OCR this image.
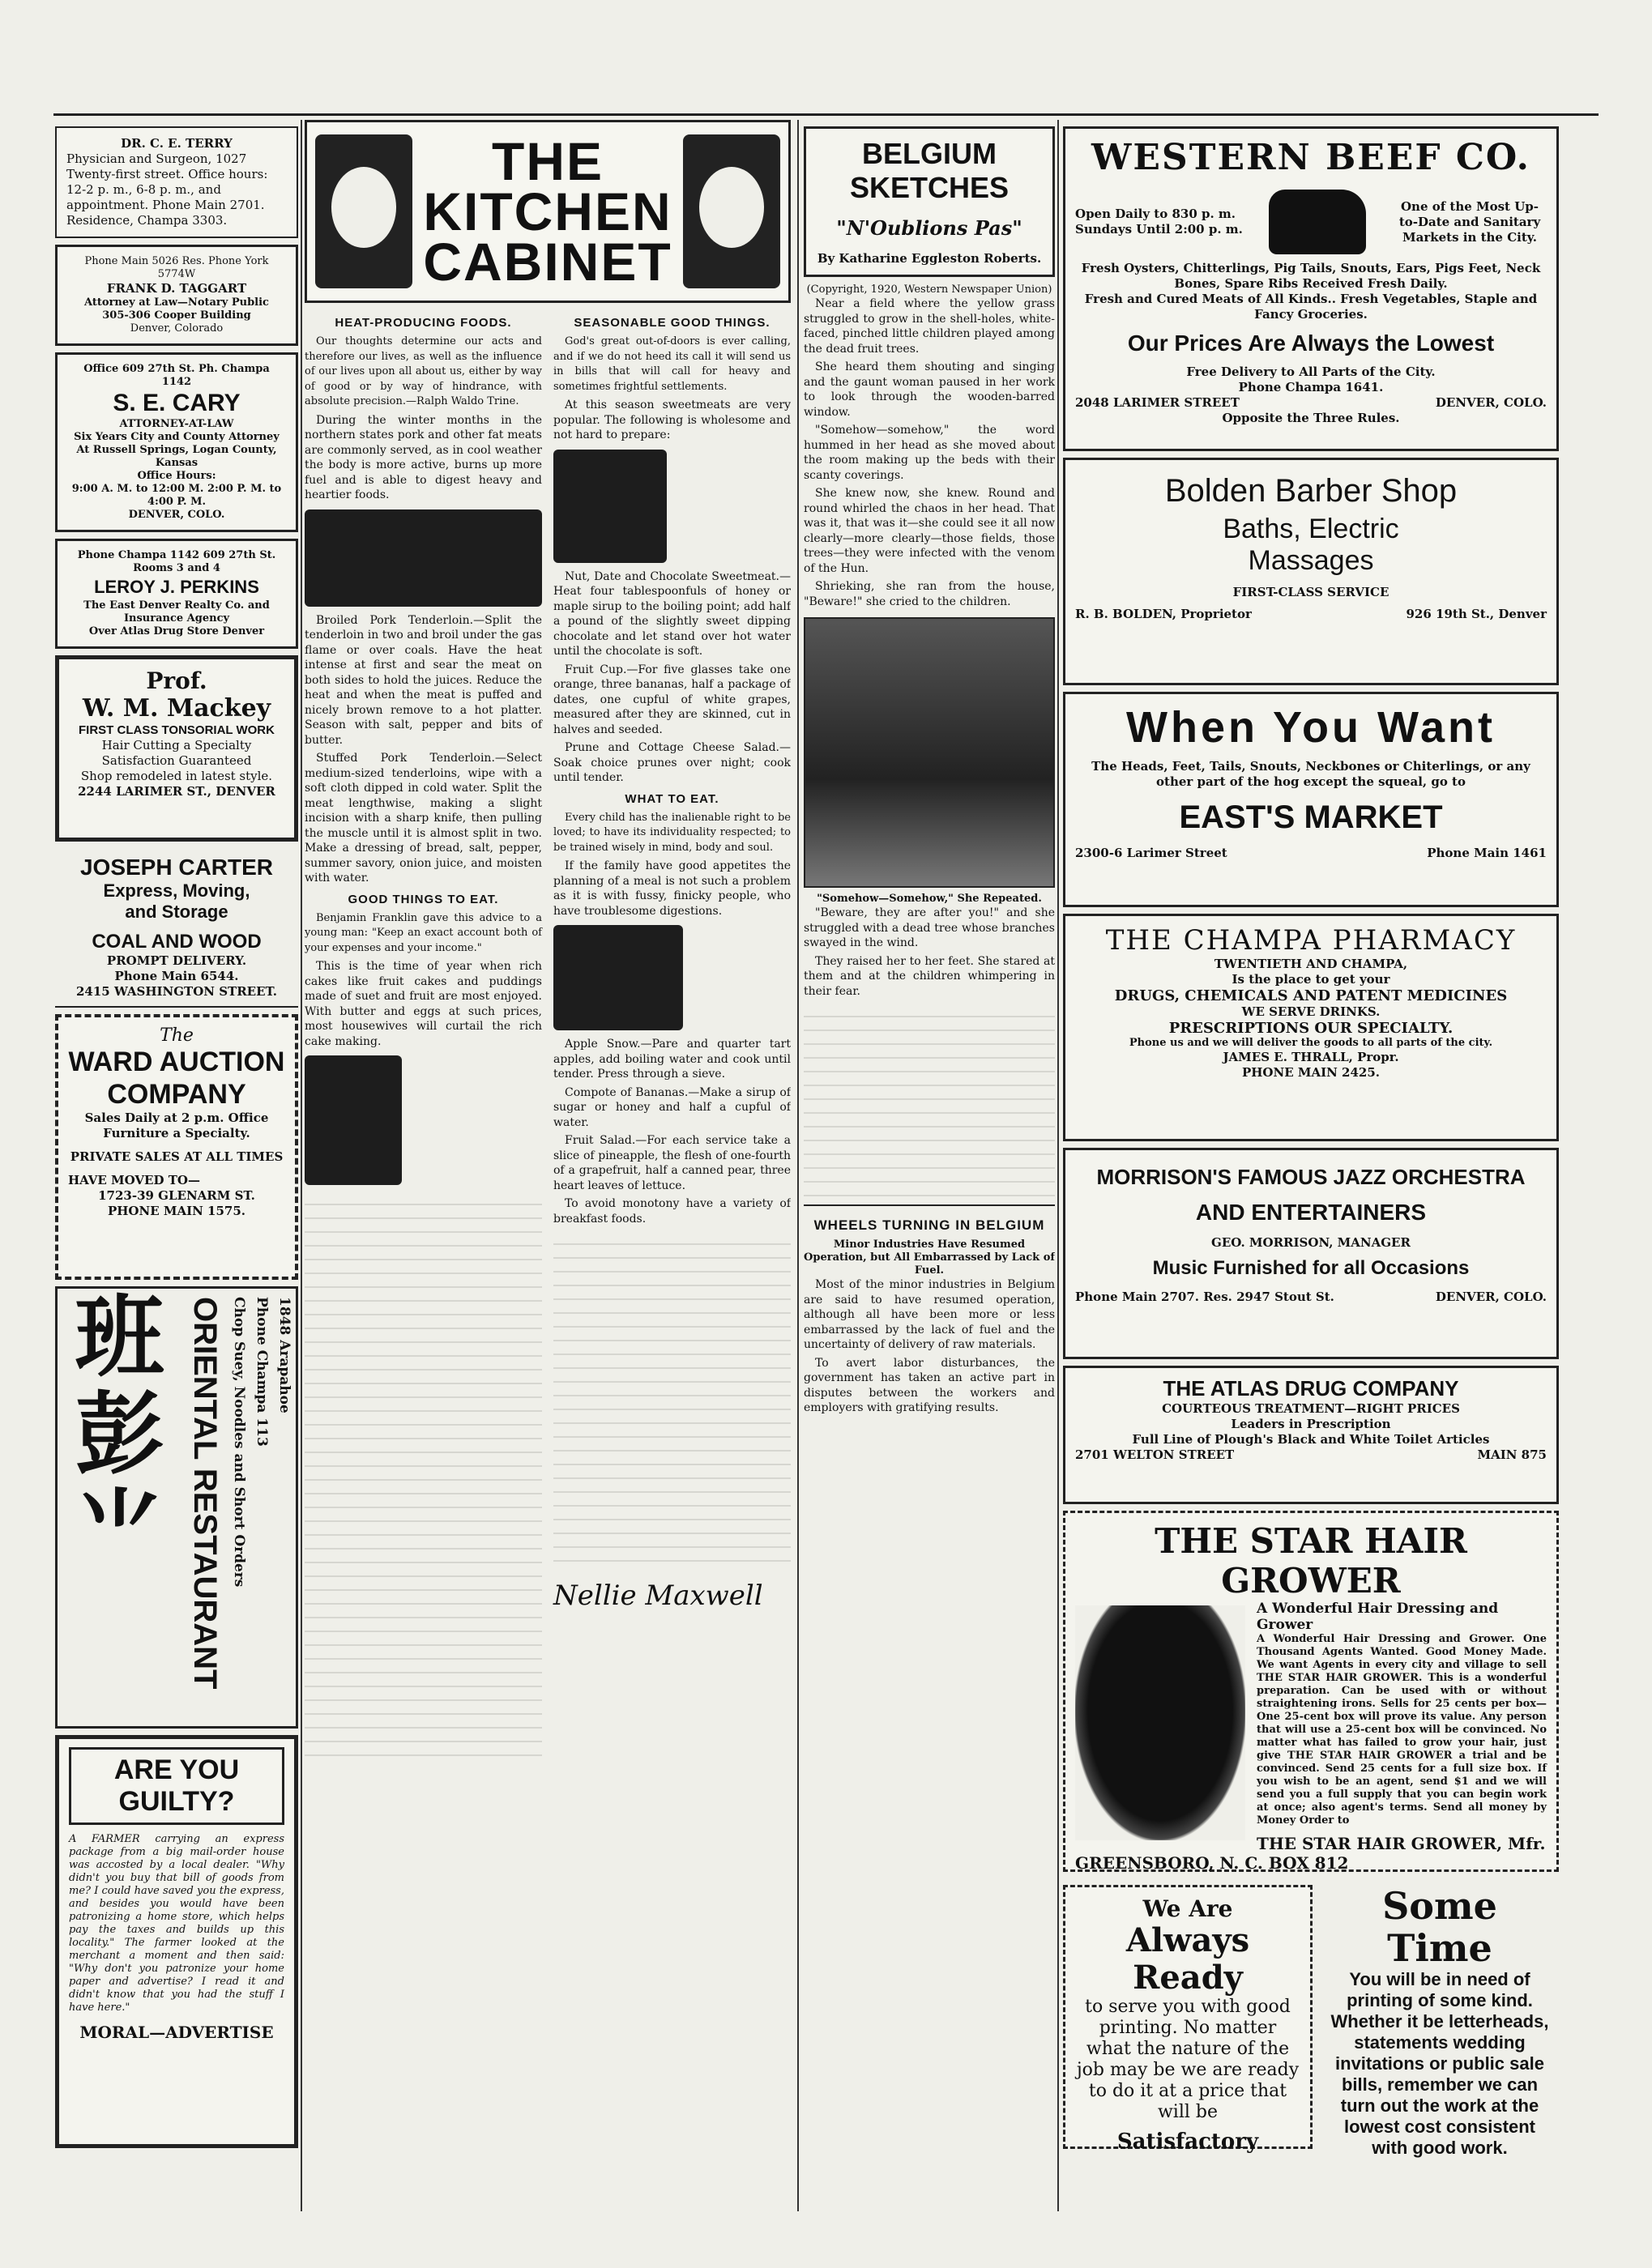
DR. C. E. TERRY
Physician and Surgeon, 1027 Twenty-first street. Office hours: 12-2 p. m., 6-8 p. m., and appointment. Phone Main 2701. Residence, Champa 3303.
Phone Main 5026 Res. Phone York 5774W
FRANK D. TAGGART
Attorney at Law—Notary Public
305-306 Cooper Building
Denver, Colorado
Office 609 27th St. Ph. Champa 1142
S. E. CARY
ATTORNEY-AT-LAW
Six Years City and County Attorney At Russell Springs, Logan County, Kansas
Office Hours:
9:00 A. M. to 12:00 M. 2:00 P. M. to 4:00 P. M.
DENVER, COLO.
Phone Champa 1142 609 27th St. Rooms 3 and 4
LEROY J. PERKINS
The East Denver Realty Co. and Insurance Agency
Over Atlas Drug Store Denver
Prof.
W. M. Mackey
FIRST CLASS TONSORIAL WORK
Hair Cutting a Specialty
Satisfaction Guaranteed
Shop remodeled in latest style.
2244 LARIMER ST., DENVER
JOSEPH CARTER
Express, Moving,
and Storage
COAL AND WOOD
PROMPT DELIVERY.
Phone Main 6544.
2415 WASHINGTON STREET.
The
WARD AUCTION COMPANY
Sales Daily at 2 p.m. Office Furniture a Specialty.
PRIVATE SALES AT ALL TIMES
HAVE MOVED TO—
1723-39 GLENARM ST.
PHONE MAIN 1575.
班 彭 ⺌ ORIENTAL RESTAURANT Chop Suey, Noodles and Short Orders Phone Champa 113 1848 Arapahoe
ARE YOU GUILTY?
A FARMER carrying an express package from a big mail-order house was accosted by a local dealer. "Why didn't you buy that bill of goods from me? I could have saved you the express, and besides you would have been patronizing a home store, which helps pay the taxes and builds up this locality." The farmer looked at the merchant a moment and then said: "Why don't you patronize your home paper and advertise? I read it and didn't know that you had the stuff I have here."
MORAL—ADVERTISE
THE KITCHEN CABINET
HEAT-PRODUCING FOODS.

Our thoughts determine our acts and therefore our lives, as well as the influence of our lives upon all about us, either by way of good or by way of hindrance, with absolute precision.—Ralph Waldo Trine.

During the winter months in the northern states pork and other fat meats are commonly served, as in cool weather the body is more active, burns up more fuel and is able to digest heavy and heartier foods.

Broiled Pork Tenderloin.—Split the tenderloin in two and broil under the gas flame or over coals. Have the heat intense at first and sear the meat on both sides to hold the juices. Reduce the heat and when the meat is puffed and nicely brown remove to a hot platter. Season with salt, pepper and bits of butter.

Stuffed Pork Tenderloin.—Select medium-sized tenderloins, wipe with a soft cloth dipped in cold water. Split the meat lengthwise, making a slight incision with a sharp knife, then pulling the muscle until it is almost split in two. Make a dressing of bread, salt, pepper, summer savory, onion juice, and moisten with water.

GOOD THINGS TO EAT.

Benjamin Franklin gave this advice to a young man: "Keep an exact account both of your expenses and your income."

This is the time of year when rich cakes like fruit cakes and puddings made of suet and fruit are most enjoyed. With butter and eggs at such prices, most housewives will curtail the rich cake making.

SEASONABLE GOOD THINGS.

God's great out-of-doors is ever calling, and if we do not heed its call it will send us in bills that will call for heavy and sometimes frightful settlements.

At this season sweetmeats are very popular. The following is wholesome and not hard to prepare:

Nut, Date and Chocolate Sweetmeat.—Heat four tablespoonfuls of honey or maple sirup to the boiling point; add half a pound of the slightly sweet dipping chocolate and let stand over hot water until the chocolate is soft.

Fruit Cup.—For five glasses take one orange, three bananas, half a package of dates, one cupful of white grapes, measured after they are skinned, cut in halves and seeded.

Prune and Cottage Cheese Salad.—Soak choice prunes over night; cook until tender.

WHAT TO EAT.

Every child has the inalienable right to be loved; to have its individuality respected; to be trained wisely in mind, body and soul.

If the family have good appetites the planning of a meal is not such a problem as it is with fussy, finicky people, who have troublesome digestions.

Apple Snow.—Pare and quarter tart apples, add boiling water and cook until tender. Press through a sieve.

Compote of Bananas.—Make a sirup of sugar or honey and half a cupful of water.

Fruit Salad.—For each service take a slice of pineapple, the flesh of one-fourth of a grapefruit, half a canned pear, three heart leaves of lettuce.

To avoid monotony have a variety of breakfast foods.

Nellie Maxwell
BELGIUM SKETCHES
"N'Oublions Pas"
By Katharine Eggleston Roberts.
(Copyright, 1920, Western Newspaper Union)

Near a field where the yellow grass struggled to grow in the shell-holes, white-faced, pinched little children played among the dead fruit trees.

She heard them shouting and singing and the gaunt woman paused in her work to look through the wooden-barred window.

"Somehow—somehow," the word hummed in her head as she moved about the room making up the beds with their scanty coverings.

She knew now, she knew. Round and round whirled the chaos in her head. That was it, that was it—she could see it all now clearly—more clearly—those fields, those trees—they were infected with the venom of the Hun.

Shrieking, she ran from the house, "Beware!" she cried to the children.

"Somehow—Somehow," She Repeated.

"Beware, they are after you!" and she struggled with a dead tree whose branches swayed in the wind.

They raised her to her feet. She stared at them and at the children whimpering in their fear.

WHEELS TURNING IN BELGIUM
Minor Industries Have Resumed Operation, but All Embarrassed by Lack of Fuel.

Most of the minor industries in Belgium are said to have resumed operation, although all have been more or less embarrassed by the lack of fuel and the uncertainty of delivery of raw materials.

To avert labor disturbances, the government has taken an active part in disputes between the workers and employers with gratifying results.

WESTERN BEEF CO.
Open Daily to 830 p. m.
Sundays Until 2:00 p. m.
One of the Most Up-to-Date and Sanitary Markets in the City.
Fresh Oysters, Chitterlings, Pig Tails, Snouts, Ears, Pigs Feet, Neck Bones, Spare Ribs Received Fresh Daily.
Fresh and Cured Meats of All Kinds.. Fresh Vegetables, Staple and Fancy Groceries.
Our Prices Are Always the Lowest
Free Delivery to All Parts of the City.
Phone Champa 1641.
2048 LARIMER STREET	DENVER, COLO.
Opposite the Three Rules.
Bolden Barber Shop
Baths, Electric
Massages
FIRST-CLASS SERVICE
R. B. BOLDEN, Proprietor	926 19th St., Denver
When You Want
The Heads, Feet, Tails, Snouts, Neckbones or Chiterlings, or any other part of the hog except the squeal, go to
EAST'S MARKET
2300-6 Larimer Street	Phone Main 1461
THE CHAMPA PHARMACY
TWENTIETH AND CHAMPA,
Is the place to get your
DRUGS, CHEMICALS AND PATENT MEDICINES
WE SERVE DRINKS.
PRESCRIPTIONS OUR SPECIALTY.
Phone us and we will deliver the goods to all parts of the city.
JAMES E. THRALL, Propr.
PHONE MAIN 2425.
MORRISON'S FAMOUS JAZZ ORCHESTRA
AND ENTERTAINERS
GEO. MORRISON, MANAGER
Music Furnished for all Occasions
Phone Main 2707. Res. 2947 Stout St.	DENVER, COLO.
THE ATLAS DRUG COMPANY
COURTEOUS TREATMENT—RIGHT PRICES
Leaders in Prescription
Full Line of Plough's Black and White Toilet Articles
2701 WELTON STREET	MAIN 875
THE STAR HAIR GROWER
A Wonderful Hair Dressing and Grower
A Wonderful Hair Dressing and Grower. One Thousand Agents Wanted. Good Money Made. We want Agents in every city and village to sell THE STAR HAIR GROWER. This is a wonderful preparation. Can be used with or without straightening irons. Sells for 25 cents per box—One 25-cent box will prove its value. Any person that will use a 25-cent box will be convinced. No matter what has failed to grow your hair, just give THE STAR HAIR GROWER a trial and be convinced. Send 25 cents for a full size box. If you wish to be an agent, send $1 and we will send you a full supply that you can begin work at once; also agent's terms. Send all money by Money Order to
THE STAR HAIR GROWER, Mfr.
GREENSBORO, N. C. BOX 812
We Are
Always Ready
to serve you with good printing. No matter what the nature of the job may be we are ready to do it at a price that will be
Satisfactory
Some Time
You will be in need of printing of some kind. Whether it be letterheads, statements wedding invitations or public sale bills, remember we can turn out the work at the lowest cost consistent with good work.
